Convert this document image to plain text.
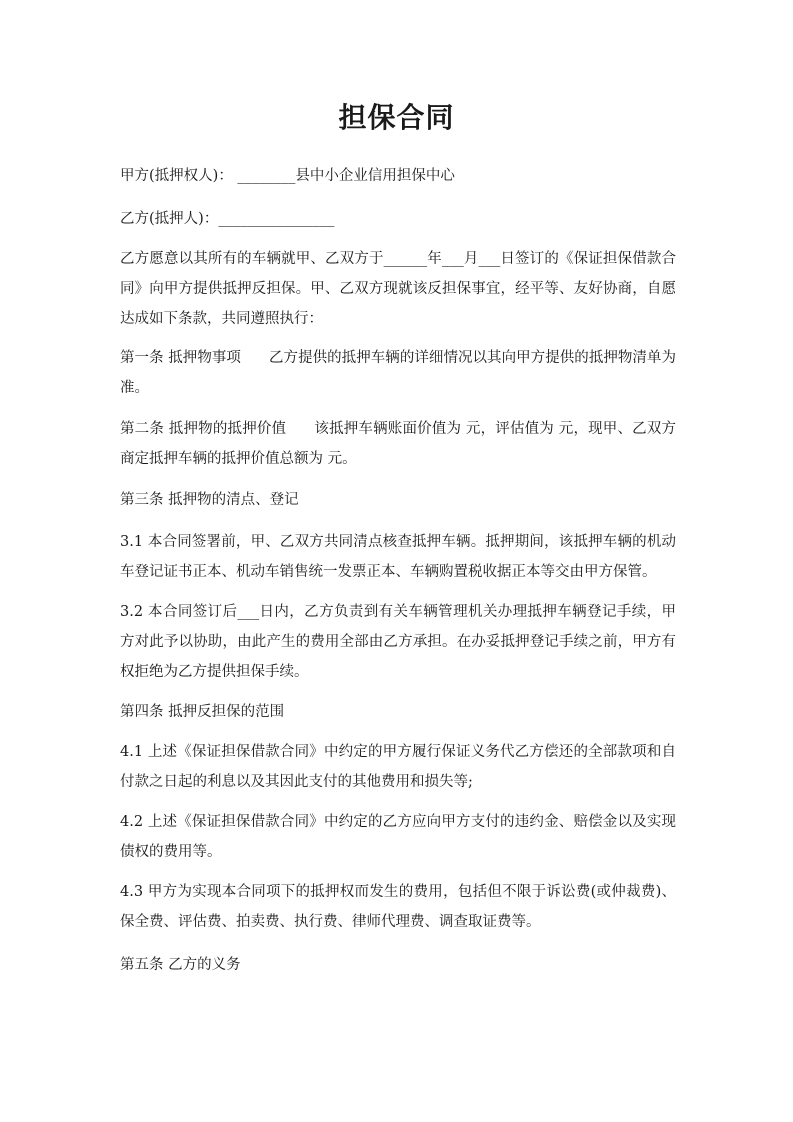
担保合同

甲方(抵押权人)： ________县中小企业信用担保中心

乙方(抵押人)：________________

乙方愿意以其所有的车辆就甲、乙双方于______年___月___日签订的《保证担保借款合同》向甲方提供抵押反担保。甲、乙双方现就该反担保事宜，经平等、友好协商，自愿达成如下条款，共同遵照执行：

第一条 抵押物事项 乙方提供的抵押车辆的详细情况以其向甲方提供的抵押物清单为准。

第二条 抵押物的抵押价值 该抵押车辆账面价值为 元，评估值为 元，现甲、乙双方商定抵押车辆的抵押价值总额为 元。

第三条 抵押物的清点、登记

3.1 本合同签署前，甲、乙双方共同清点核查抵押车辆。抵押期间，该抵押车辆的机动车登记证书正本、机动车销售统一发票正本、车辆购置税收据正本等交由甲方保管。

3.2 本合同签订后___日内，乙方负责到有关车辆管理机关办理抵押车辆登记手续，甲方对此予以协助，由此产生的费用全部由乙方承担。在办妥抵押登记手续之前，甲方有权拒绝为乙方提供担保手续。

第四条 抵押反担保的范围

4.1 上述《保证担保借款合同》中约定的甲方履行保证义务代乙方偿还的全部款项和自付款之日起的利息以及其因此支付的其他费用和损失等;

4.2 上述《保证担保借款合同》中约定的乙方应向甲方支付的违约金、赔偿金以及实现债权的费用等。

4.3 甲方为实现本合同项下的抵押权而发生的费用，包括但不限于诉讼费(或仲裁费)、保全费、评估费、拍卖费、执行费、律师代理费、调查取证费等。

第五条 乙方的义务
